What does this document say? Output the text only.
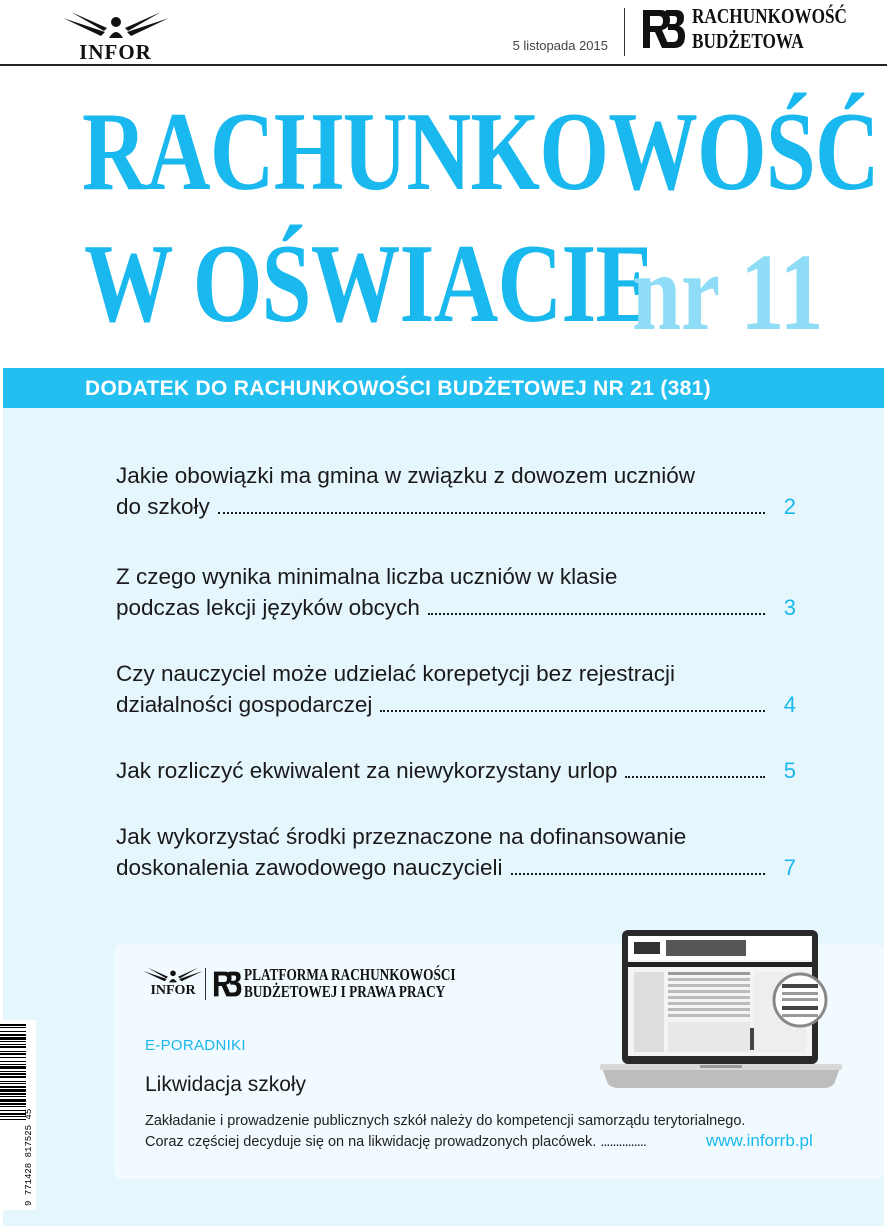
INFOR	5 listopada 2015
RACHUNKOWOŚĆ
BUDŻETOWA
RACHUNKOWOŚĆ
W OŚWIACIE
nr 11
DODATEK DO RACHUNKOWOŚCI BUDŻETOWEJ NR 21 (381)
Jakie obowiązki ma gmina w związku z dowozem uczniów
do szkoły	2
Z czego wynika minimalna liczba uczniów w klasie
podczas lekcji języków obcych	3
Czy nauczyciel może udzielać korepetycji bez rejestracji
działalności gospodarczej	4
Jak rozliczyć ekwiwalent za niewykorzystany urlop	5
Jak wykorzystać środki przeznaczone na dofinansowanie
doskonalenia zawodowego nauczycieli	7
INFOR
PLATFORMA RACHUNKOWOŚCI
BUDŻETOWEJ I PRAWA PRACY
E-PORADNIKI
Likwidacja szkoły
Zakładanie i prowadzenie publicznych szkół należy do kompetencji samorządu terytorialnego.
Coraz częściej decyduje się on na likwidację prowadzonych placówek. ...............	www.inforrb.pl
9 771428 817525 45
